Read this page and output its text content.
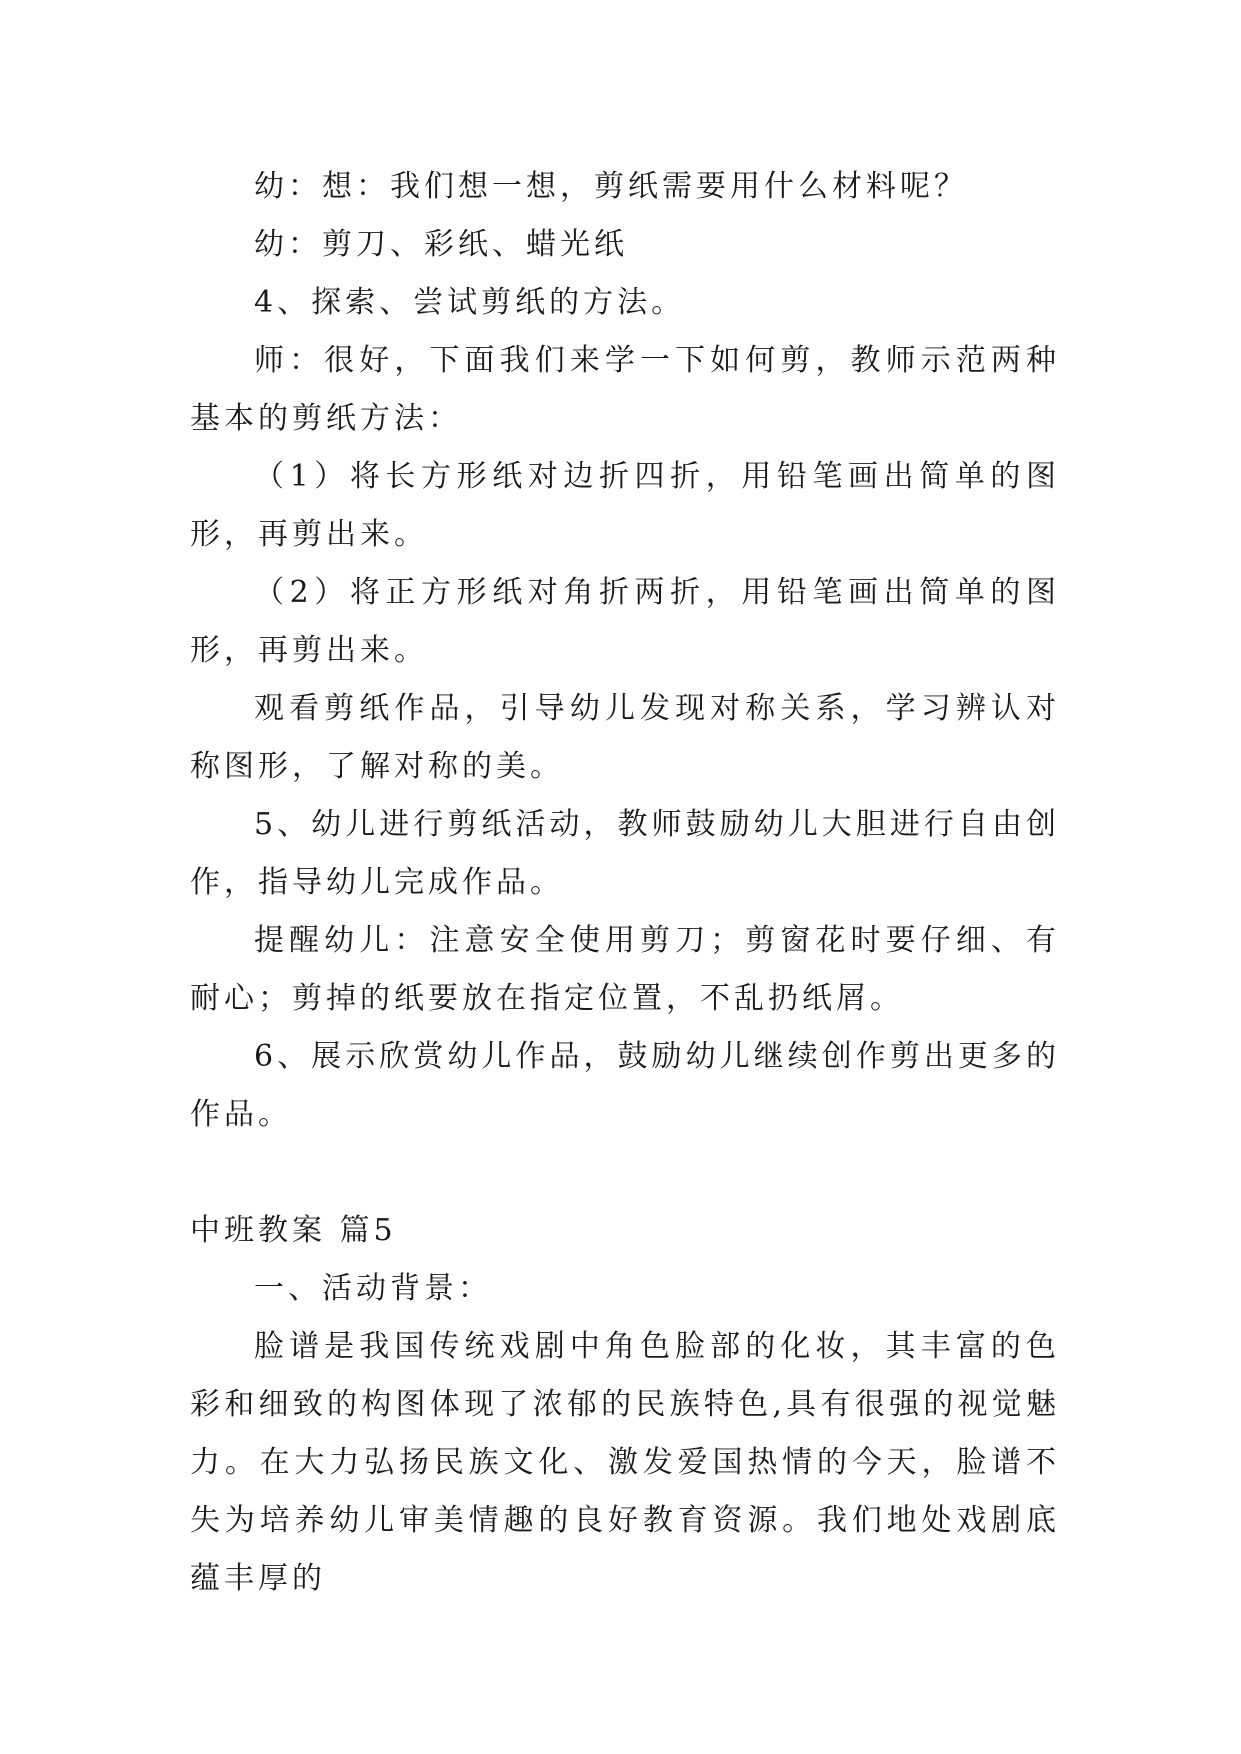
幼：想：我们想一想，剪纸需要用什么材料呢？

幼：剪刀、彩纸、蜡光纸

4、探索、尝试剪纸的方法。

师：很好，下面我们来学一下如何剪，教师示范两种基本的剪纸方法：

（1）将长方形纸对边折四折，用铅笔画出简单的图形，再剪出来。

（2）将正方形纸对角折两折，用铅笔画出简单的图形，再剪出来。

观看剪纸作品，引导幼儿发现对称关系，学习辨认对称图形，了解对称的美。

5、幼儿进行剪纸活动，教师鼓励幼儿大胆进行自由创作，指导幼儿完成作品。

提醒幼儿：注意安全使用剪刀；剪窗花时要仔细、有耐心；剪掉的纸要放在指定位置，不乱扔纸屑。

6、展示欣赏幼儿作品，鼓励幼儿继续创作剪出更多的作品。

中班教案 篇5

一、活动背景：

脸谱是我国传统戏剧中角色脸部的化妆，其丰富的色彩和细致的构图体现了浓郁的民族特色,具有很强的视觉魅力。在大力弘扬民族文化、激发爱国热情的今天，脸谱不失为培养幼儿审美情趣的良好教育资源。我们地处戏剧底蕴丰厚的
